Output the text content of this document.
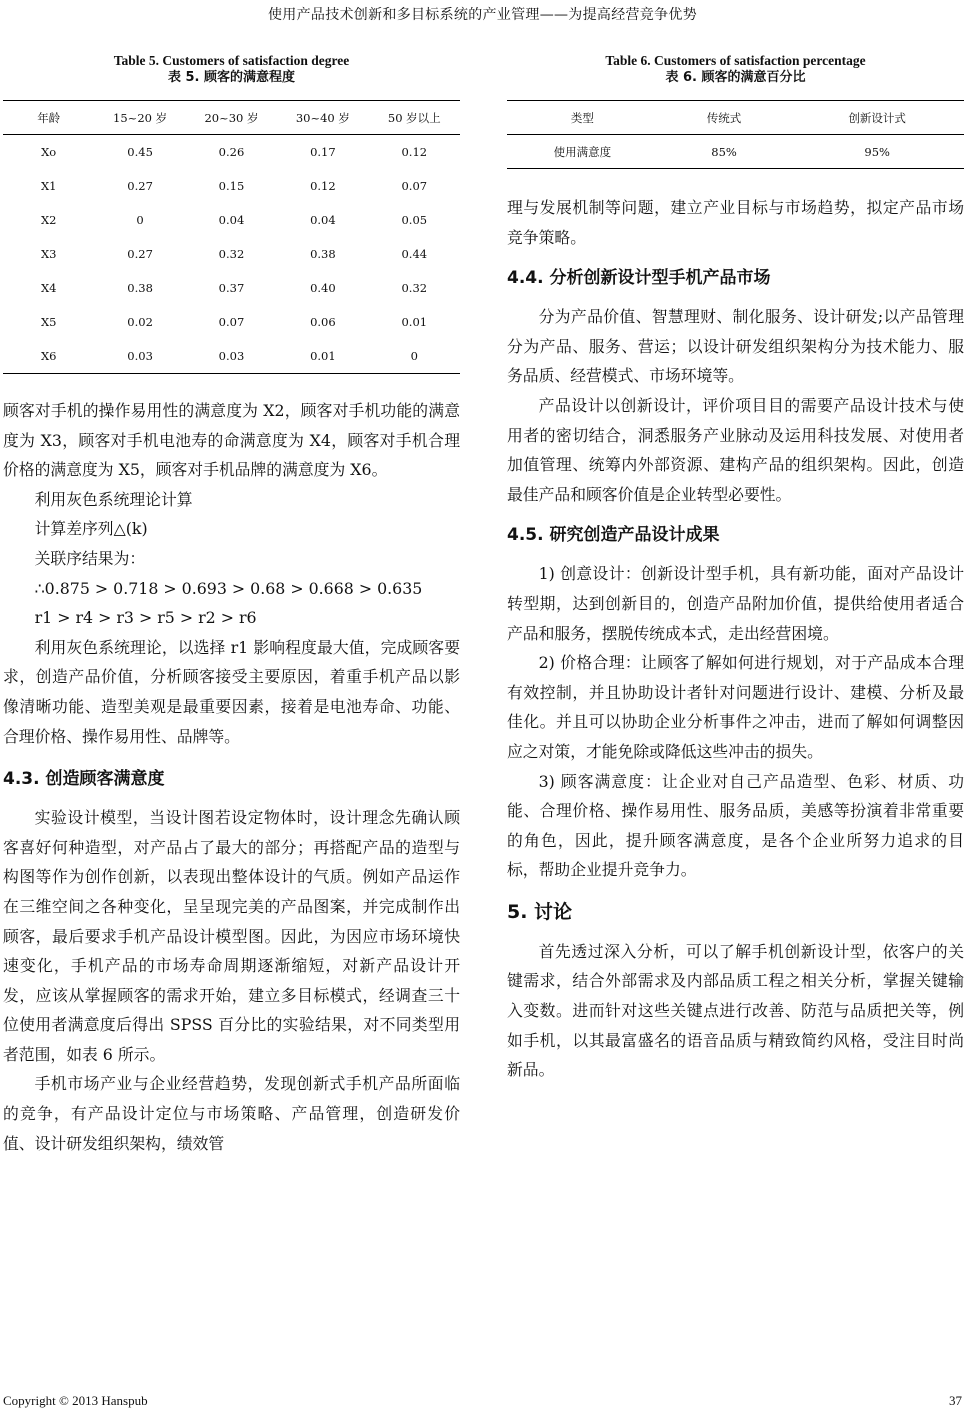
使用产品技术创新和多目标系统的产业管理——为提高经营竞争优势
Table 5. Customers of satisfaction degree
表 5. 顾客的满意程度
年龄	15~20 岁	20~30 岁	30~40 岁	50 岁以上
Xo	0.45	0.26	0.17	0.12
X1	0.27	0.15	0.12	0.07
X2	0	0.04	0.04	0.05
X3	0.27	0.32	0.38	0.44
X4	0.38	0.37	0.40	0.32
X5	0.02	0.07	0.06	0.01
X6	0.03	0.03	0.01	0

顾客对手机的操作易用性的满意度为 X2，顾客对手机功能的满意度为 X3，顾客对手机电池寿的命满意度为 X4，顾客对手机合理价格的满意度为 X5，顾客对手机品牌的满意度为 X6。

利用灰色系统理论计算

计算差序列△(k)

关联序结果为：

∴0.875 > 0.718 > 0.693 > 0.68 > 0.668 > 0.635

r1 > r4 > r3 > r5 > r2 > r6

利用灰色系统理论，以选择 r1 影响程度最大值，完成顾客要求，创造产品价值，分析顾客接受主要原因，着重手机产品以影像清晰功能、造型美观是最重要因素，接着是电池寿命、功能、合理价格、操作易用性、品牌等。

4.3. 创造顾客满意度

实验设计模型，当设计图若设定物体时，设计理念先确认顾客喜好何种造型，对产品占了最大的部分；再搭配产品的造型与构图等作为创作创新，以表现出整体设计的气质。例如产品运作在三维空间之各种变化，呈呈现完美的产品图案，并完成制作出顾客，最后要求手机产品设计模型图。因此，为因应市场环境快速变化，手机产品的市场寿命周期逐渐缩短，对新产品设计开发，应该从掌握顾客的需求开始，建立多目标模式，经调查三十位使用者满意度后得出 SPSS 百分比的实验结果，对不同类型用者范围，如表 6 所示。

手机市场产业与企业经营趋势，发现创新式手机产品所面临的竞争，有产品设计定位与市场策略、产品管理，创造研发价值、设计研发组织架构，绩效管

Table 6. Customers of satisfaction percentage
表 6. 顾客的满意百分比
类型	传统式	创新设计式
使用满意度	85%	95%

理与发展机制等问题，建立产业目标与市场趋势，拟定产品市场竞争策略。

4.4. 分析创新设计型手机产品市场

分为产品价值、智慧理财、制化服务、设计研发;以产品管理分为产品、服务、营运；以设计研发组织架构分为技术能力、服务品质、经营模式、市场环境等。

产品设计以创新设计，评价项目目的需要产品设计技术与使用者的密切结合，洞悉服务产业脉动及运用科技发展、对使用者加值管理、统筹内外部资源、建构产品的组织架构。因此，创造最佳产品和顾客价值是企业转型必要性。

4.5. 研究创造产品设计成果

1) 创意设计：创新设计型手机，具有新功能，面对产品设计转型期，达到创新目的，创造产品附加价值，提供给使用者适合产品和服务，摆脱传统成本式，走出经营困境。

2) 价格合理：让顾客了解如何进行规划，对于产品成本合理有效控制，并且协助设计者针对问题进行设计、建模、分析及最佳化。并且可以协助企业分析事件之冲击，进而了解如何调整因应之对策，才能免除或降低这些冲击的损失。

3) 顾客满意度：让企业对自己产品造型、色彩、材质、功能、合理价格、操作易用性、服务品质，美感等扮演着非常重要的角色，因此，提升顾客满意度，是各个企业所努力追求的目标，帮助企业提升竞争力。

5. 讨论

首先透过深入分析，可以了解手机创新设计型，依客户的关键需求，结合外部需求及内部品质工程之相关分析，掌握关键输入变数。进而针对这些关键点进行改善、防范与品质把关等，例如手机，以其最富盛名的语音品质与精致简约风格，受注目时尚新品。

Copyright © 2013 Hanspub	37
